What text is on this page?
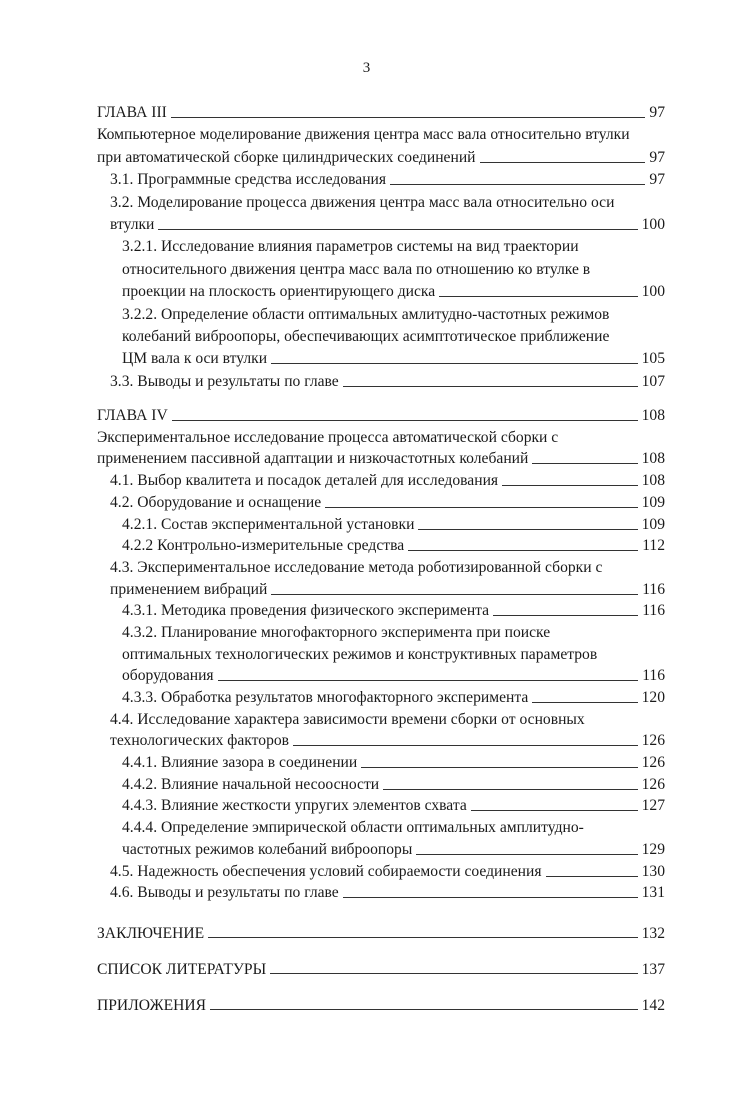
3
ГЛАВА III	97
Компьютерное моделирование движения центра масс вала относительно втулки
при автоматической сборке цилиндрических соединений	97
3.1. Программные средства исследования	97
3.2. Моделирование процесса движения центра масс вала относительно оси
втулки	100
3.2.1. Исследование влияния параметров системы на вид траектории
относительного движения центра масс вала по отношению ко втулке в
проекции на плоскость ориентирующего диска	100
3.2.2. Определение области оптимальных амлитудно-частотных режимов
колебаний виброопоры, обеспечивающих асимптотическое приближение
ЦМ вала к оси втулки	105
3.3. Выводы и результаты по главе	107
ГЛАВА IV	108
Экспериментальное исследование процесса автоматической сборки с
применением пассивной адаптации и низкочастотных колебаний	108
4.1. Выбор квалитета и посадок деталей для исследования	108
4.2. Оборудование и оснащение	109
4.2.1. Состав экспериментальной установки	109
4.2.2 Контрольно-измерительные средства	112
4.3. Экспериментальное исследование метода роботизированной сборки с
применением вибраций	116
4.3.1. Методика проведения физического эксперимента	116
4.3.2. Планирование многофакторного эксперимента при поиске
оптимальных технологических режимов и конструктивных параметров
оборудования	116
4.3.3. Обработка результатов многофакторного эксперимента	120
4.4. Исследование характера зависимости времени сборки от основных
технологических факторов	126
4.4.1. Влияние зазора в соединении	126
4.4.2. Влияние начальной несоосности	126
4.4.3. Влияние жесткости упругих элементов схвата	127
4.4.4. Определение эмпирической области оптимальных амплитудно-
частотных режимов колебаний виброопоры	129
4.5. Надежность обеспечения условий собираемости соединения	130
4.6. Выводы и результаты по главе	131
ЗАКЛЮЧЕНИЕ	132
СПИСОК ЛИТЕРАТУРЫ	137
ПРИЛОЖЕНИЯ	142
